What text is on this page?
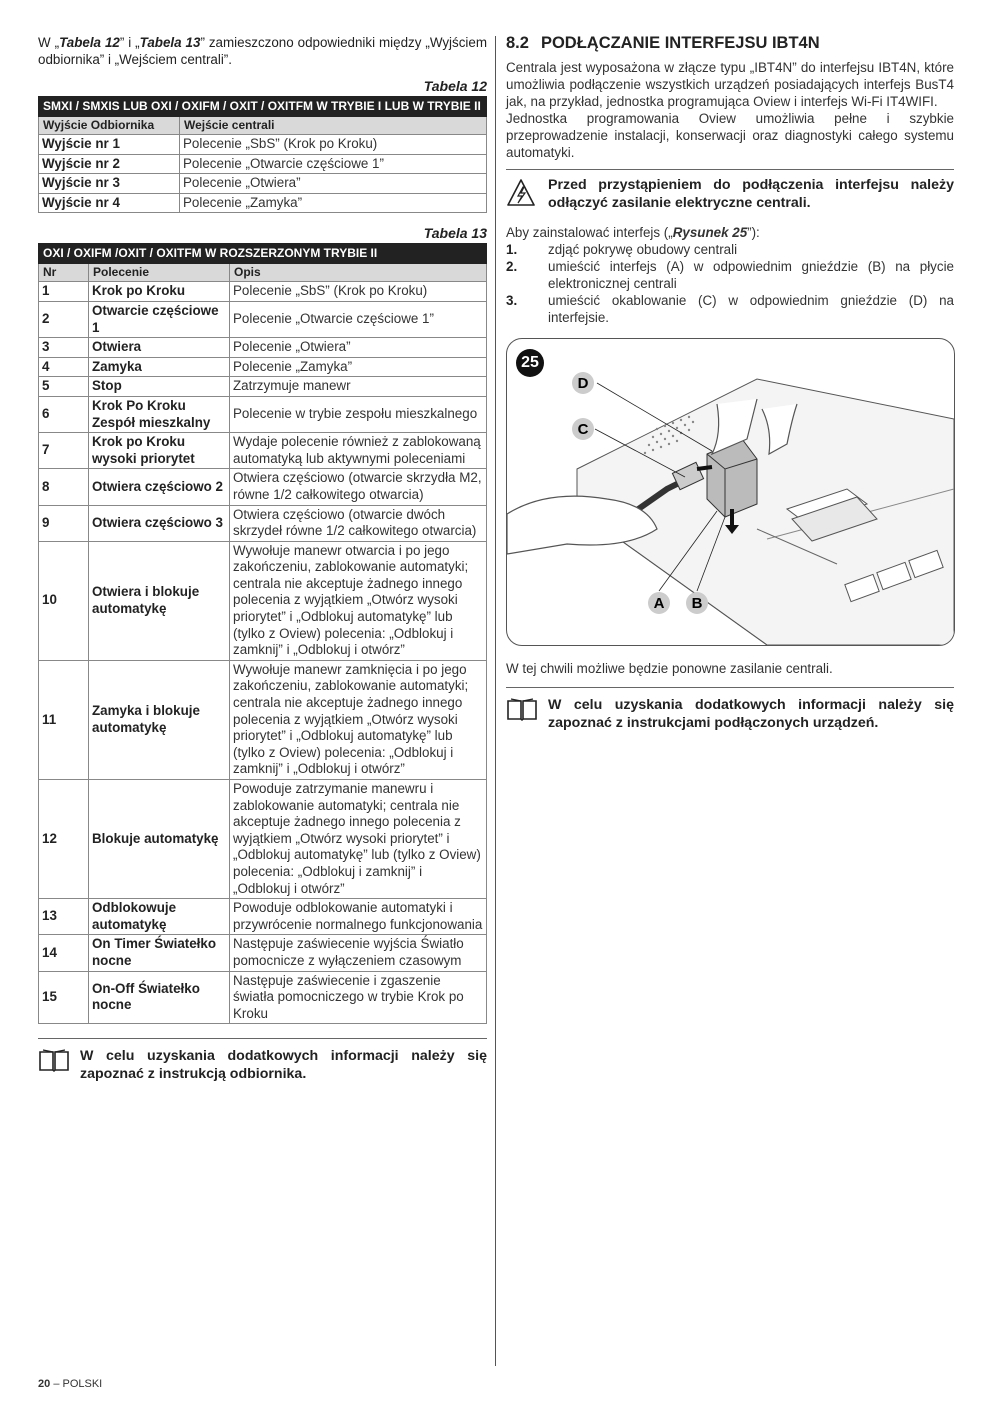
W „Tabela 12” i „Tabela 13” zamieszczono odpowiedniki między „Wyjściem odbiornika” i „Wejściem centrali”.

Tabela 12
SMXI / SMXIS LUB OXI / OXIFM / OXIT / OXITFM W TRYBIE I LUB W TRYBIE II	
Wyjście Odbiornika	Wejście centrali
Wyjście nr 1	Polecenie „SbS” (Krok po Kroku)
Wyjście nr 2	Polecenie „Otwarcie częściowe 1”
Wyjście nr 3	Polecenie „Otwiera”
Wyjście nr 4	Polecenie „Zamyka”
Tabela 13
OXI / OXIFM /OXIT / OXITFM W ROZSZERZONYM TRYBIE II		
Nr	Polecenie	Opis
1	Krok po Kroku	Polecenie „SbS” (Krok po Kroku)
2	Otwarcie częściowe 1	Polecenie „Otwarcie częściowe 1”
3	Otwiera	Polecenie „Otwiera”
4	Zamyka	Polecenie „Zamyka”
5	Stop	Zatrzymuje manewr
6	Krok Po Kroku Zespół mieszkalny	Polecenie w trybie zespołu mieszkalnego
7	Krok po Kroku wysoki priorytet	Wydaje polecenie również z zablokowaną automatyką lub aktywnymi poleceniami
8	Otwiera częściowo 2	Otwiera częściowo (otwarcie skrzydła M2, równe 1/2 całkowitego otwarcia)
9	Otwiera częściowo 3	Otwiera częściowo (otwarcie dwóch skrzydeł równe 1/2 całkowitego otwarcia)
10	Otwiera i blokuje automatykę	Wywołuje manewr otwarcia i po jego zakończeniu, zablokowanie automatyki; centrala nie akceptuje żadnego innego polecenia z wyjątkiem „Otwórz wysoki priorytet” i „Odblokuj automatykę” lub (tylko z Oview) polecenia: „Odblokuj i zamknij” i „Odblokuj i otwórz”
11	Zamyka i blokuje automatykę	Wywołuje manewr zamknięcia i po jego zakończeniu, zablokowanie automatyki; centrala nie akceptuje żadnego innego polecenia z wyjątkiem „Otwórz wysoki priorytet” i „Odblokuj automatykę” lub (tylko z Oview) polecenia: „Odblokuj i zamknij” i „Odblokuj i otwórz”
12	Blokuje automatykę	Powoduje zatrzymanie manewru i zablokowanie automatyki; centrala nie akceptuje żadnego innego polecenia z wyjątkiem „Otwórz wysoki priorytet” i „Odblokuj automatykę” lub (tylko z Oview) polecenia: „Odblokuj i zamknij” i „Odblokuj i otwórz”
13	Odblokowuje automatykę	Powoduje odblokowanie automatyki i przywrócenie normalnego funkcjonowania
14	On Timer Światełko nocne	Następuje zaświecenie wyjścia Światło pomocnicze z wyłączeniem czasowym
15	On-Off Światełko nocne	Następuje zaświecenie i zgaszenie światła pomocniczego w trybie Krok po Kroku
W celu uzyskania dodatkowych informacji należy się zapoznać z instrukcją odbiornika.
8.2 PODŁĄCZANIE INTERFEJSU IBT4N

Centrala jest wyposażona w złącze typu „IBT4N” do interfejsu IBT4N, które umożliwia podłączenie wszystkich urządzeń posiadających interfejs BusT4 jak, na przykład, jednostka programująca Oview i interfejs Wi-Fi IT4WIFI.

Jednostka programowania Oview umożliwia pełne i szybkie przeprowadzenie instalacji, konserwacji oraz diagnostyki całego systemu automatyki.

Przed przystąpieniem do podłączenia interfejsu należy odłączyć zasilanie elektryczne centrali.

Aby zainstalować interfejs („Rysunek 25”):

1.	zdjąć pokrywę obudowy centrali
2.	umieścić interfejs (A) w odpowiednim gnieździe (B) na płycie elektronicznej centrali
3.	umieścić okablowanie (C) w odpowiednim gnieździe (D) na interfejsie.
D
C
A B
25

W tej chwili możliwe będzie ponowne zasilanie centrali.

W celu uzyskania dodatkowych informacji należy się zapoznać z instrukcjami podłączonych urządzeń.
20 – POLSKI
